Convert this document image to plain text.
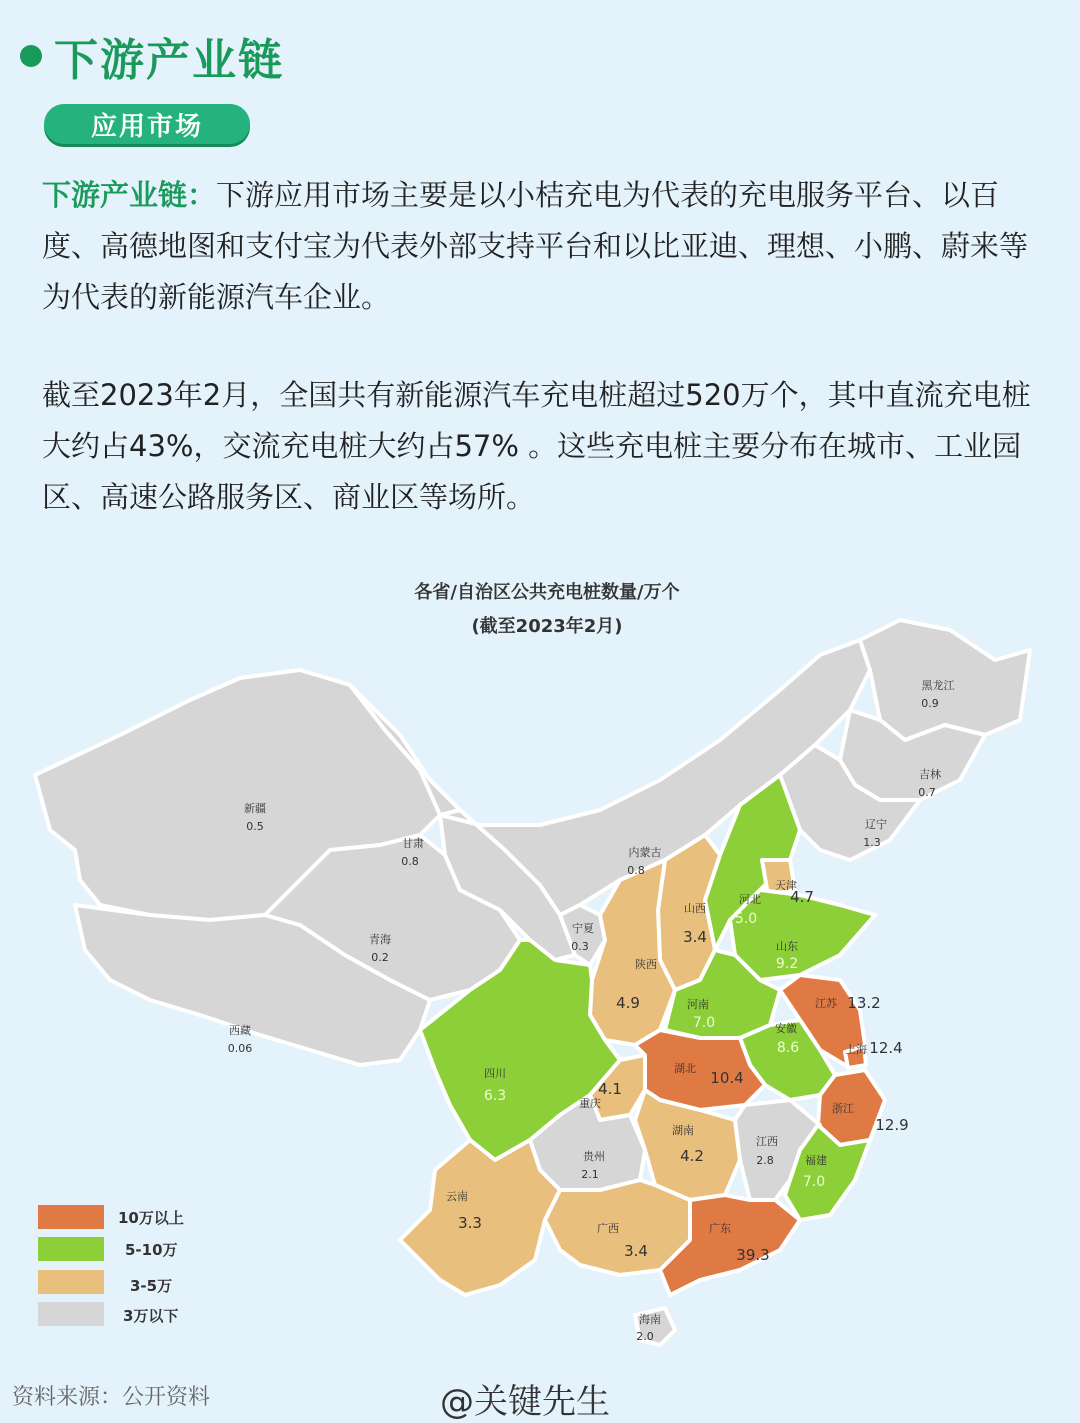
下游产业链
应用市场
下游产业链：下游应用市场主要是以小桔充电为代表的充电服务平台、以百度、高德地图和支付宝为代表外部支持平台和以比亚迪、理想、小鹏、蔚来等为代表的新能源汽车企业。
截至2023年2月，全国共有新能源汽车充电桩超过520万个，其中直流充电桩大约占43%，交流充电桩大约占57% 。这些充电桩主要分布在城市、工业园区、高速公路服务区、商业区等场所。
各省/自治区公共充电桩数量/万个
(截至2023年2月)
新疆
0.5
西藏
0.06
青海
0.2
甘肃
0.8
内蒙古
0.8
宁夏
0.3
黑龙江
0.9
吉林
0.7
辽宁
1.3
河北
5.0
天津
4.7
山西
3.4
山东
9.2
陕西
4.9	河南
7.0
江苏 13.2
安徽
8.6	上海 12.4
四川
6.3
湖北
10.4
重庆
4.1
浙江
12.9
湖南
4.2
贵州
2.1
江西
2.8	福建
7.0
云南
3.3	广西
3.4
广东
39.3
海南
2.0
10万以上
5-10万
3-5万
3万以下
资料来源：公开资料	@关键先生
